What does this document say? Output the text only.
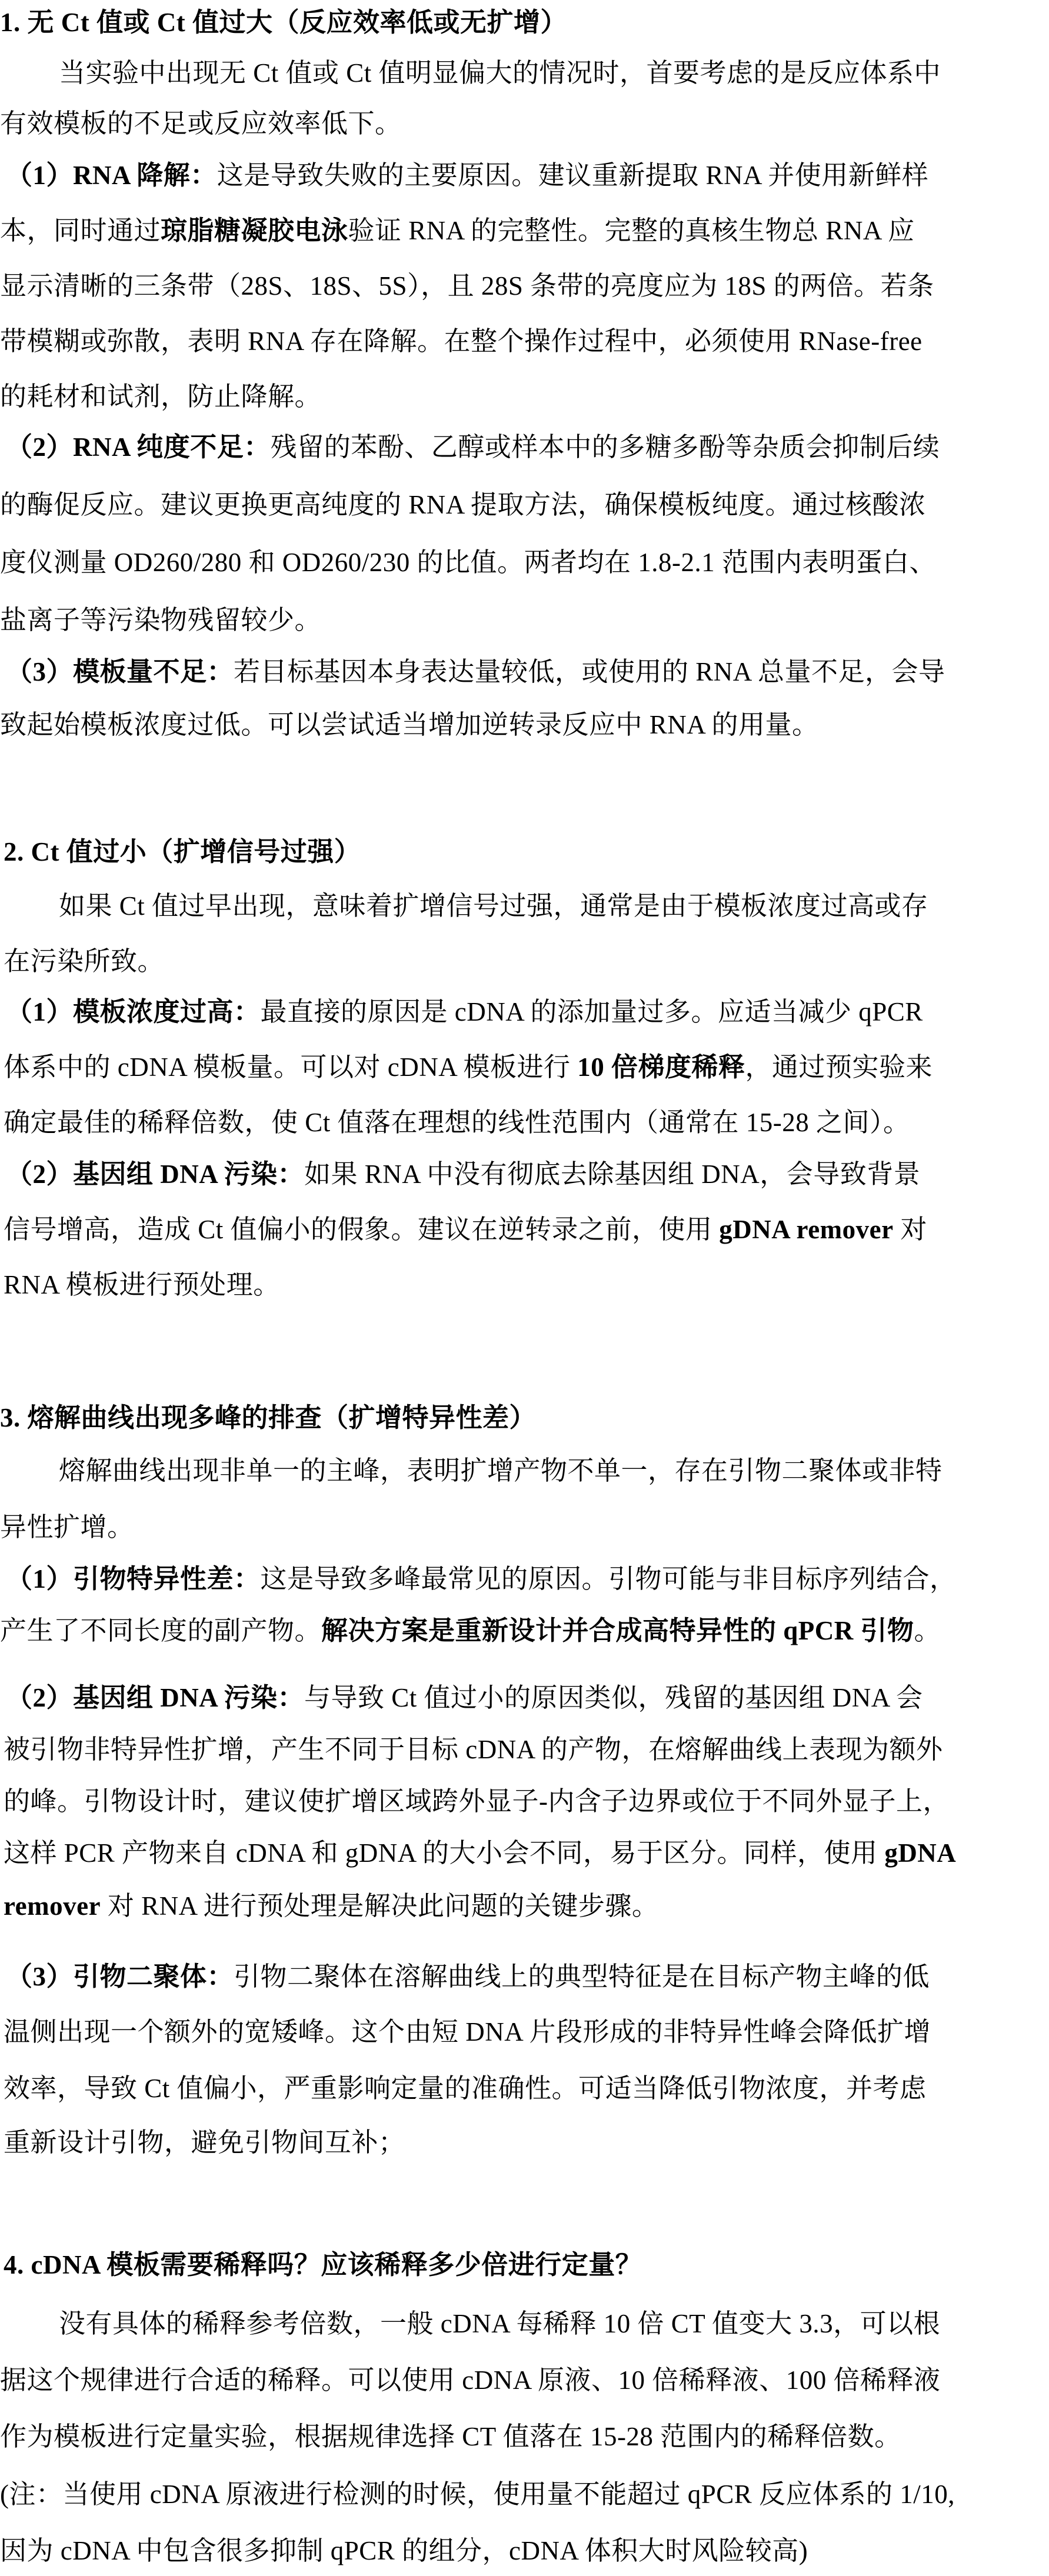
1. 无 Ct 值或 Ct 值过大（反应效率低或无扩增）
当实验中出现无 Ct 值或 Ct 值明显偏大的情况时，首要考虑的是反应体系中
有效模板的不足或反应效率低下。
（1）RNA 降解：这是导致失败的主要原因。建议重新提取 RNA 并使用新鲜样
本，同时通过琼脂糖凝胶电泳验证 RNA 的完整性。完整的真核生物总 RNA 应
显示清晰的三条带（28S、18S、5S），且 28S 条带的亮度应为 18S 的两倍。若条
带模糊或弥散，表明 RNA 存在降解。在整个操作过程中，必须使用 RNase-free
的耗材和试剂，防止降解。
（2）RNA 纯度不足：残留的苯酚、乙醇或样本中的多糖多酚等杂质会抑制后续
的酶促反应。建议更换更高纯度的 RNA 提取方法，确保模板纯度。通过核酸浓
度仪测量 OD260/280 和 OD260/230 的比值。两者均在 1.8-2.1 范围内表明蛋白、
盐离子等污染物残留较少。
（3）模板量不足：若目标基因本身表达量较低，或使用的 RNA 总量不足，会导
致起始模板浓度过低。可以尝试适当增加逆转录反应中 RNA 的用量。
2. Ct 值过小（扩增信号过强）
如果 Ct 值过早出现，意味着扩增信号过强，通常是由于模板浓度过高或存
在污染所致。
（1）模板浓度过高：最直接的原因是 cDNA 的添加量过多。应适当减少 qPCR
体系中的 cDNA 模板量。可以对 cDNA 模板进行 10 倍梯度稀释，通过预实验来
确定最佳的稀释倍数，使 Ct 值落在理想的线性范围内（通常在 15-28 之间）。
（2）基因组 DNA 污染：如果 RNA 中没有彻底去除基因组 DNA，会导致背景
信号增高，造成 Ct 值偏小的假象。建议在逆转录之前，使用 gDNA remover 对
RNA 模板进行预处理。
3. 熔解曲线出现多峰的排查（扩增特异性差）
熔解曲线出现非单一的主峰，表明扩增产物不单一，存在引物二聚体或非特
异性扩增。
（1）引物特异性差：这是导致多峰最常见的原因。引物可能与非目标序列结合，
产生了不同长度的副产物。解决方案是重新设计并合成高特异性的 qPCR 引物。
（2）基因组 DNA 污染：与导致 Ct 值过小的原因类似，残留的基因组 DNA 会
被引物非特异性扩增，产生不同于目标 cDNA 的产物，在熔解曲线上表现为额外
的峰。引物设计时，建议使扩增区域跨外显子-内含子边界或位于不同外显子上，
这样 PCR 产物来自 cDNA 和 gDNA 的大小会不同，易于区分。同样，使用 gDNA
remover 对 RNA 进行预处理是解决此问题的关键步骤。
（3）引物二聚体：引物二聚体在溶解曲线上的典型特征是在目标产物主峰的低
温侧出现一个额外的宽矮峰。这个由短 DNA 片段形成的非特异性峰会降低扩增
效率，导致 Ct 值偏小，严重影响定量的准确性。可适当降低引物浓度，并考虑
重新设计引物，避免引物间互补；
4. cDNA 模板需要稀释吗？应该稀释多少倍进行定量？
没有具体的稀释参考倍数，一般 cDNA 每稀释 10 倍 CT 值变大 3.3，可以根
据这个规律进行合适的稀释。可以使用 cDNA 原液、10 倍稀释液、100 倍稀释液
作为模板进行定量实验，根据规律选择 CT 值落在 15-28 范围内的稀释倍数。
(注：当使用 cDNA 原液进行检测的时候，使用量不能超过 qPCR 反应体系的 1/10,
因为 cDNA 中包含很多抑制 qPCR 的组分，cDNA 体积大时风险较高)
